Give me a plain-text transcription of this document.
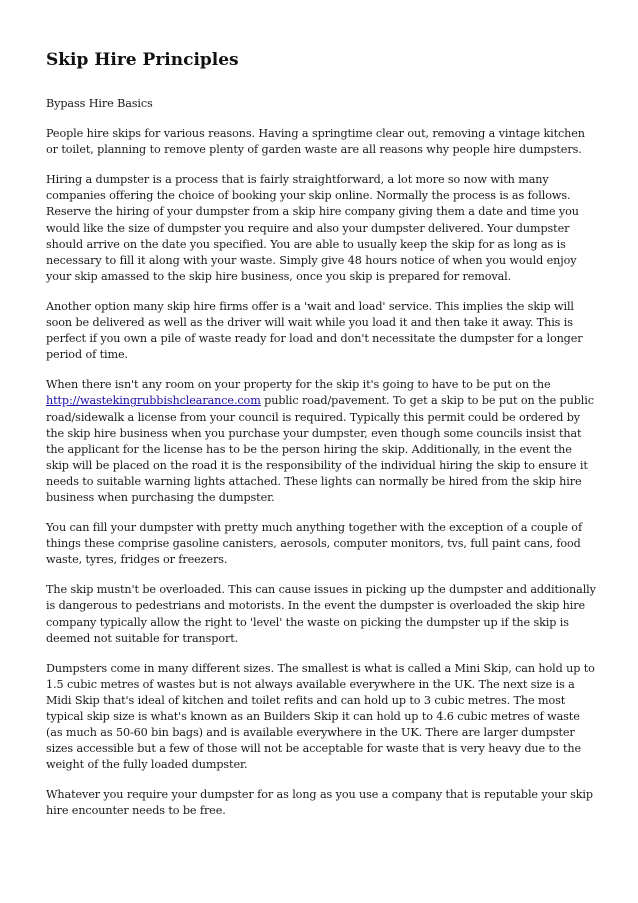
Skip Hire Principles

Bypass Hire Basics

People hire skips for various reasons. Having a springtime clear out, removing a vintage kitchen or toilet, planning to remove plenty of garden waste are all reasons why people hire dumpsters.

Hiring a dumpster is a process that is fairly straightforward, a lot more so now with many companies offering the choice of booking your skip online. Normally the process is as follows. Reserve the hiring of your dumpster from a skip hire company giving them a date and time you would like the size of dumpster you require and also your dumpster delivered. Your dumpster should arrive on the date you specified. You are able to usually keep the skip for as long as is necessary to fill it along with your waste. Simply give 48 hours notice of when you would enjoy your skip amassed to the skip hire business, once you skip is prepared for removal.

Another option many skip hire firms offer is a 'wait and load' service. This implies the skip will soon be delivered as well as the driver will wait while you load it and then take it away. This is perfect if you own a pile of waste ready for load and don't necessitate the dumpster for a longer period of time.

When there isn't any room on your property for the skip it's going to have to be put on the http://wastekingrubbishclearance.com public road/pavement. To get a skip to be put on the public road/sidewalk a license from your council is required. Typically this permit could be ordered by the skip hire business when you purchase your dumpster, even though some councils insist that the applicant for the license has to be the person hiring the skip. Additionally, in the event the skip will be placed on the road it is the responsibility of the individual hiring the skip to ensure it needs to suitable warning lights attached. These lights can normally be hired from the skip hire business when purchasing the dumpster.

You can fill your dumpster with pretty much anything together with the exception of a couple of things these comprise gasoline canisters, aerosols, computer monitors, tvs, full paint cans, food waste, tyres, fridges or freezers.

The skip mustn't be overloaded. This can cause issues in picking up the dumpster and additionally is dangerous to pedestrians and motorists. In the event the dumpster is overloaded the skip hire company typically allow the right to 'level' the waste on picking the dumpster up if the skip is deemed not suitable for transport.

Dumpsters come in many different sizes. The smallest is what is called a Mini Skip, can hold up to 1.5 cubic metres of wastes but is not always available everywhere in the UK. The next size is a Midi Skip that's ideal of kitchen and toilet refits and can hold up to 3 cubic metres. The most typical skip size is what's known as an Builders Skip it can hold up to 4.6 cubic metres of waste (as much as 50-60 bin bags) and is available everywhere in the UK. There are larger dumpster sizes accessible but a few of those will not be acceptable for waste that is very heavy due to the weight of the fully loaded dumpster.

Whatever you require your dumpster for as long as you use a company that is reputable your skip hire encounter needs to be free.
